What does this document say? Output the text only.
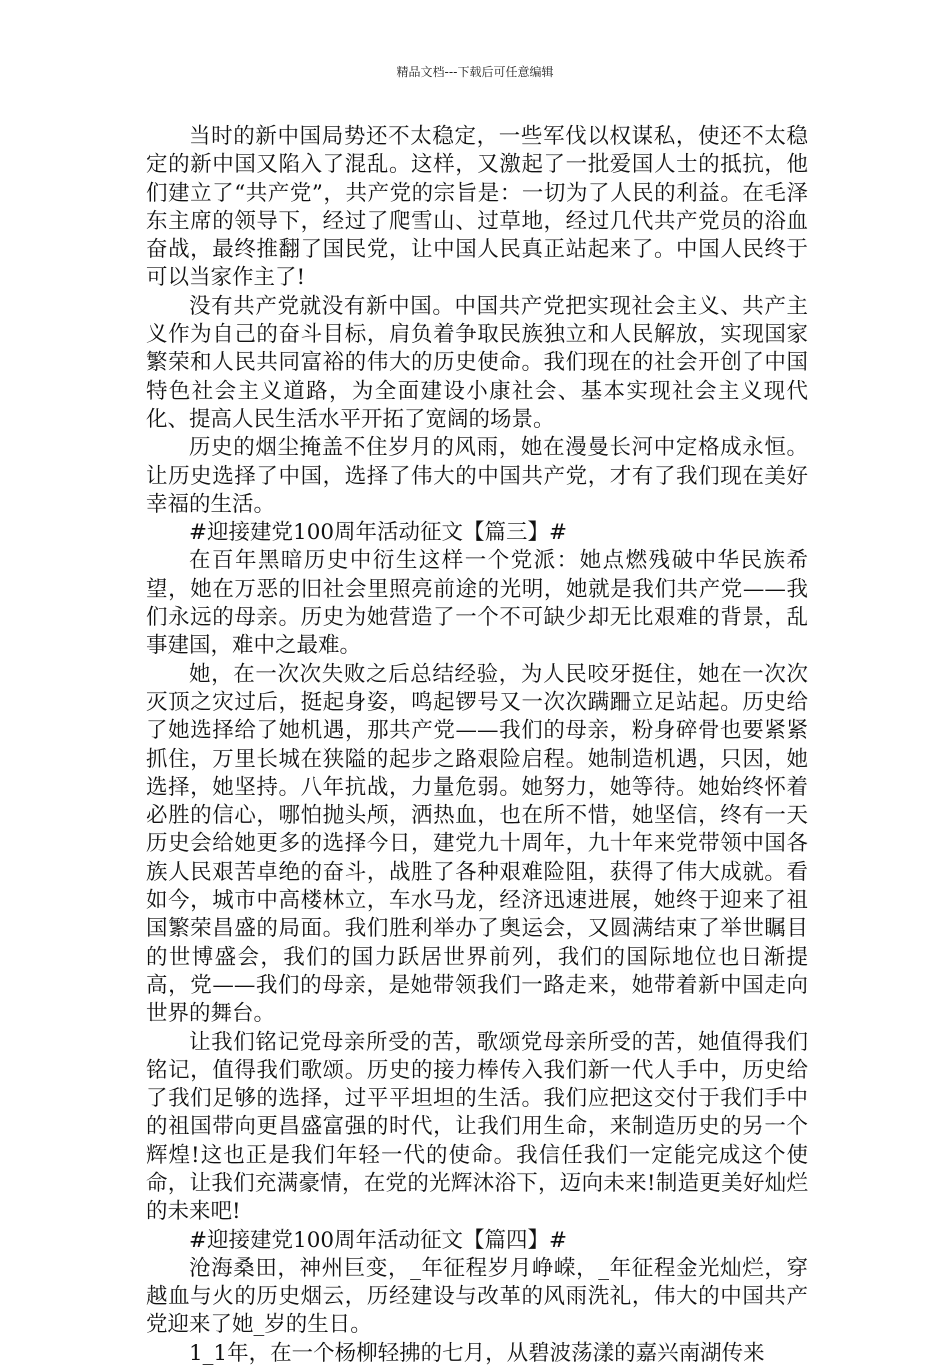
精品文档---下载后可任意编辑

当时的新中国局势还不太稳定，一些军伐以权谋私，使还不太稳定的新中国又陷入了混乱。这样，又激起了一批爱国人士的抵抗，他们建立了“共产党”，共产党的宗旨是：一切为了人民的利益。在毛泽东主席的领导下，经过了爬雪山、过草地，经过几代共产党员的浴血奋战，最终推翻了国民党，让中国人民真正站起来了。中国人民终于可以当家作主了!

没有共产党就没有新中国。中国共产党把实现社会主义、共产主义作为自己的奋斗目标，肩负着争取民族独立和人民解放，实现国家繁荣和人民共同富裕的伟大的历史使命。我们现在的社会开创了中国特色社会主义道路，为全面建设小康社会、基本实现社会主义现代化、提高人民生活水平开拓了宽阔的场景。

历史的烟尘掩盖不住岁月的风雨，她在漫曼长河中定格成永恒。让历史选择了中国，选择了伟大的中国共产党，才有了我们现在美好幸福的生活。

#迎接建党100周年活动征文【篇三】#

在百年黑暗历史中衍生这样一个党派：她点燃残破中华民族希望，她在万恶的旧社会里照亮前途的光明，她就是我们共产党——我们永远的母亲。历史为她营造了一个不可缺少却无比艰难的背景，乱事建国，难中之最难。

她，在一次次失败之后总结经验，为人民咬牙挺住，她在一次次灭顶之灾过后，挺起身姿，鸣起锣号又一次次蹒跚立足站起。历史给了她选择给了她机遇，那共产党——我们的母亲，粉身碎骨也要紧紧抓住，万里长城在狭隘的起步之路艰险启程。她制造机遇，只因，她选择，她坚持。八年抗战，力量危弱。她努力，她等待。她始终怀着必胜的信心，哪怕抛头颅，洒热血，也在所不惜，她坚信，终有一天历史会给她更多的选择今日，建党九十周年，九十年来党带领中国各族人民艰苦卓绝的奋斗，战胜了各种艰难险阻，获得了伟大成就。看如今，城市中高楼林立，车水马龙，经济迅速进展，她终于迎来了祖国繁荣昌盛的局面。我们胜利举办了奥运会，又圆满结束了举世瞩目的世博盛会，我们的国力跃居世界前列，我们的国际地位也日渐提高，党——我们的母亲，是她带领我们一路走来，她带着新中国走向世界的舞台。

让我们铭记党母亲所受的苦，歌颂党母亲所受的苦，她值得我们铭记，值得我们歌颂。历史的接力棒传入我们新一代人手中，历史给了我们足够的选择，过平平坦坦的生活。我们应把这交付于我们手中的祖国带向更昌盛富强的时代，让我们用生命，来制造历史的另一个辉煌!这也正是我们年轻一代的使命。我信任我们一定能完成这个使命，让我们充满豪情，在党的光辉沐浴下，迈向未来!制造更美好灿烂的未来吧!

#迎接建党100周年活动征文【篇四】#

沧海桑田，神州巨变，_年征程岁月峥嵘，_年征程金光灿烂，穿越血与火的历史烟云，历经建设与改革的风雨洗礼，伟大的中国共产党迎来了她_岁的生日。

1_1年，在一个杨柳轻拂的七月，从碧波荡漾的嘉兴南湖传来
